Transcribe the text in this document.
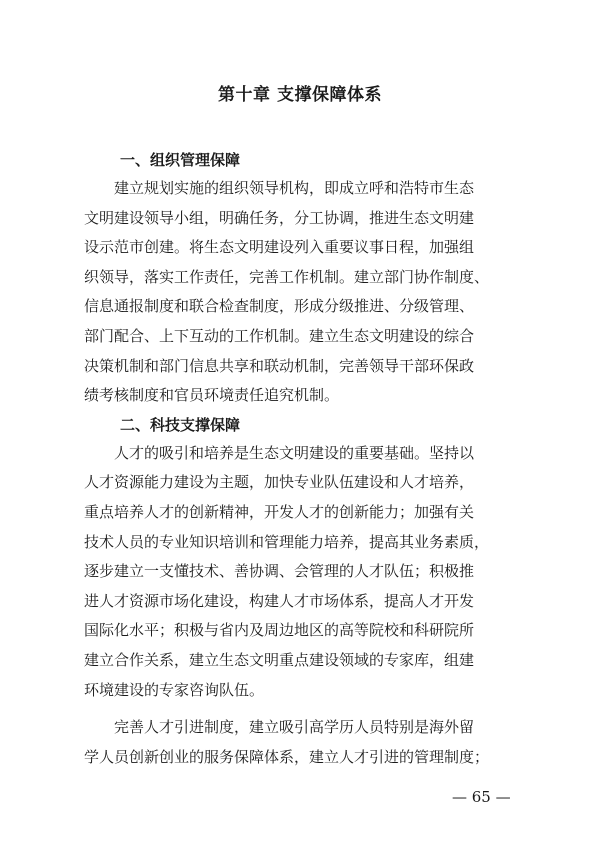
第十章 支撑保障体系
一、组织管理保障

建立规划实施的组织领导机构，即成立呼和浩特市生态
文明建设领导小组，明确任务，分工协调，推进生态文明建
设示范市创建。将生态文明建设列入重要议事日程，加强组
织领导，落实工作责任，完善工作机制。建立部门协作制度、
信息通报制度和联合检查制度，形成分级推进、分级管理、
部门配合、上下互动的工作机制。建立生态文明建设的综合
决策机制和部门信息共享和联动机制，完善领导干部环保政
绩考核制度和官员环境责任追究机制。

二、科技支撑保障

人才的吸引和培养是生态文明建设的重要基础。坚持以
人才资源能力建设为主题，加快专业队伍建设和人才培养，
重点培养人才的创新精神，开发人才的创新能力；加强有关
技术人员的专业知识培训和管理能力培养，提高其业务素质，
逐步建立一支懂技术、善协调、会管理的人才队伍；积极推
进人才资源市场化建设，构建人才市场体系，提高人才开发
国际化水平；积极与省内及周边地区的高等院校和科研院所
建立合作关系，建立生态文明重点建设领域的专家库，组建
环境建设的专家咨询队伍。

完善人才引进制度，建立吸引高学历人员特别是海外留
学人员创新创业的服务保障体系，建立人才引进的管理制度；

— 65 —
